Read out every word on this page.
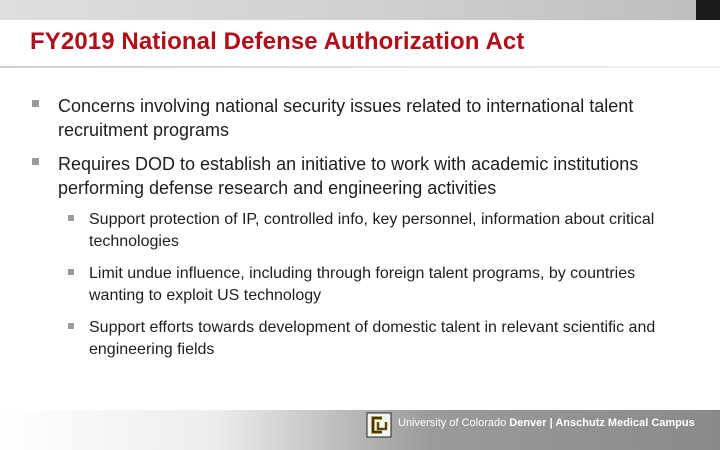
FY2019 National Defense Authorization Act
Concerns involving national security issues related to international talent recruitment programs
Requires DOD to establish an initiative to work with academic institutions performing defense research and engineering activities
Support protection of IP, controlled info, key personnel, information about critical technologies
Limit undue influence, including through foreign talent programs, by countries wanting to exploit US technology
Support efforts towards development of domestic talent in relevant scientific and engineering fields
University of Colorado Denver | Anschutz Medical Campus
